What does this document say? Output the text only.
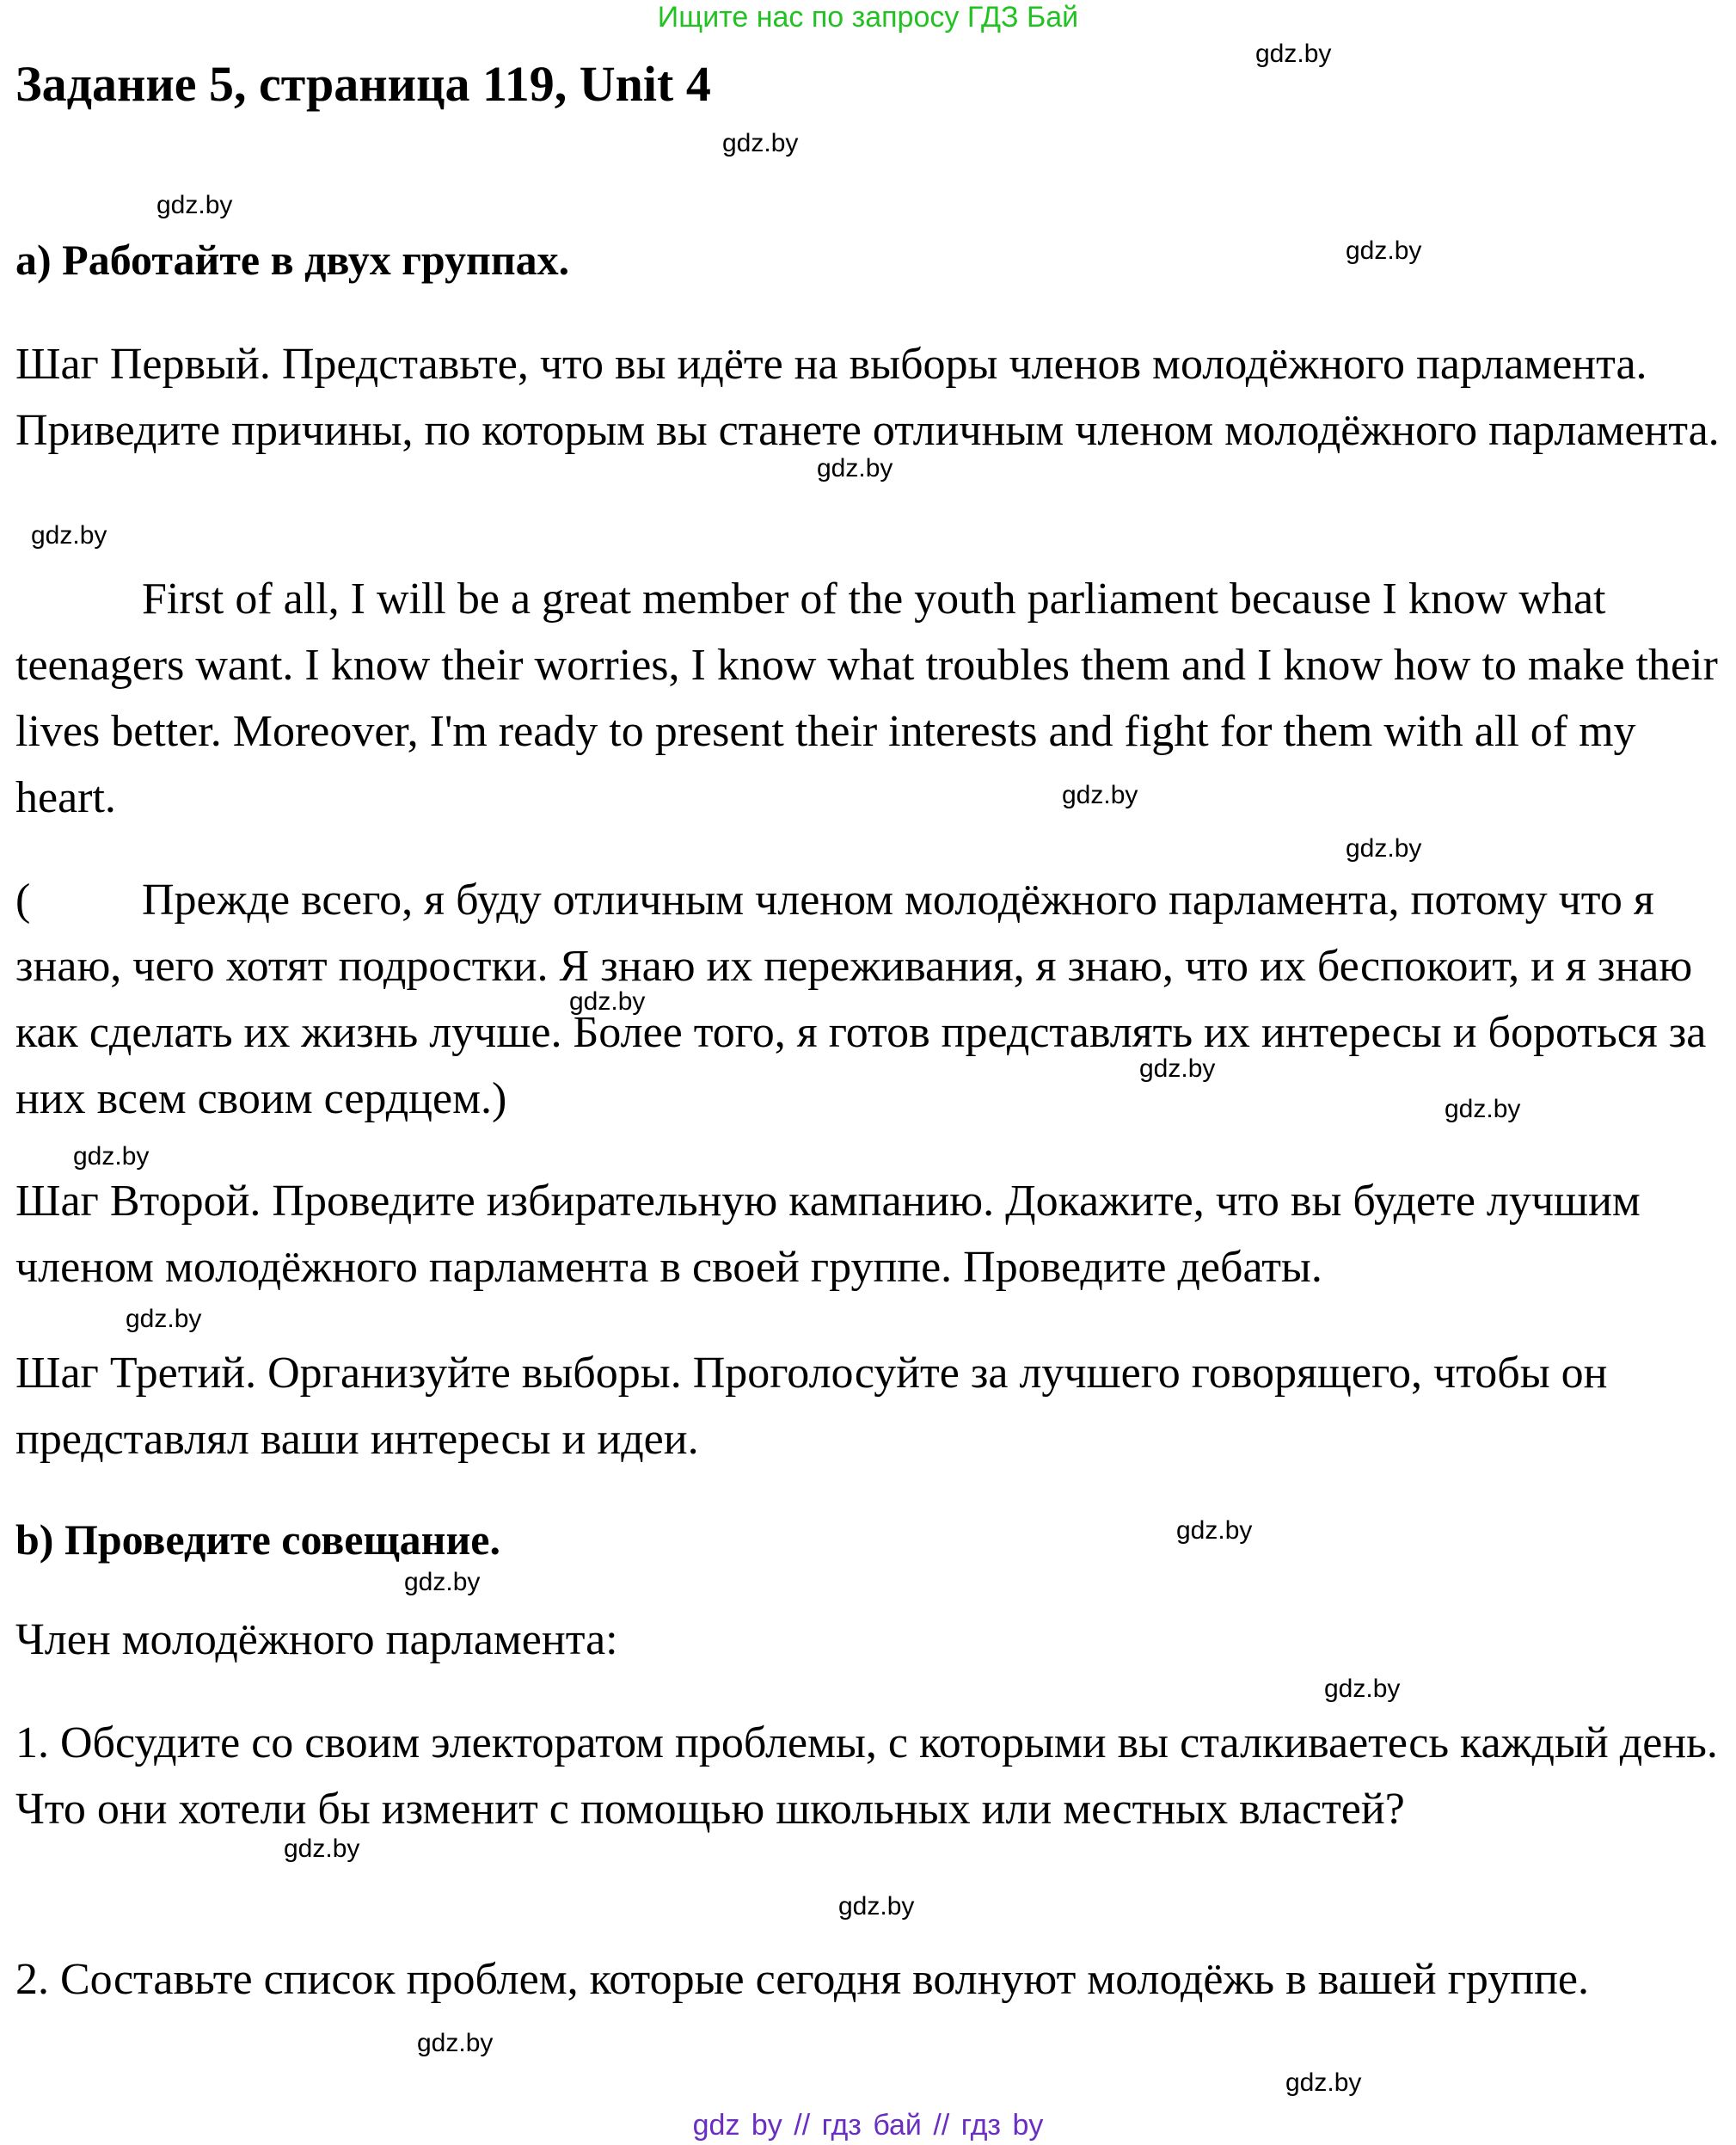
Ищите нас по запросу ГДЗ Бай
Задание 5, страница 119, Unit 4
a) Работайте в двух группах.
Шаг Первый. Представьте, что вы идёте на выборы членов молодёжного парламента. Приведите причины, по которым вы станете отличным членом молодёжного парламента.
First of all, I will be a great member of the youth parliament because I know what teenagers want. I know their worries, I know what troubles them and I know how to make their lives better. Moreover, I'm ready to present their interests and fight for them with all of my heart.
( Прежде всего, я буду отличным членом молодёжного парламента, потому что я знаю, чего хотят подростки. Я знаю их переживания, я знаю, что их беспокоит, и я знаю как сделать их жизнь лучше. Более того, я готов представлять их интересы и бороться за них всем своим сердцем.)
Шаг Второй. Проведите избирательную кампанию. Докажите, что вы будете лучшим членом молодёжного парламента в своей группе. Проведите дебаты.
Шаг Третий. Организуйте выборы. Проголосуйте за лучшего говорящего, чтобы он представлял ваши интересы и идеи.
b) Проведите совещание.
Член молодёжного парламента:
1. Обсудите со своим электоратом проблемы, с которыми вы сталкиваетесь каждый день. Что они хотели бы изменит с помощью школьных или местных властей?
2. Составьте список проблем, которые сегодня волнуют молодёжь в вашей группе.
gdz.by
gdz.by
gdz.by
gdz.by
gdz.by
gdz.by
gdz.by
gdz.by
gdz.by
gdz.by
gdz.by
gdz.by
gdz.by
gdz.by
gdz.by
gdz.by
gdz.by
gdz.by
gdz.by
gdz.by
gdz by // гдз бай // гдз by
